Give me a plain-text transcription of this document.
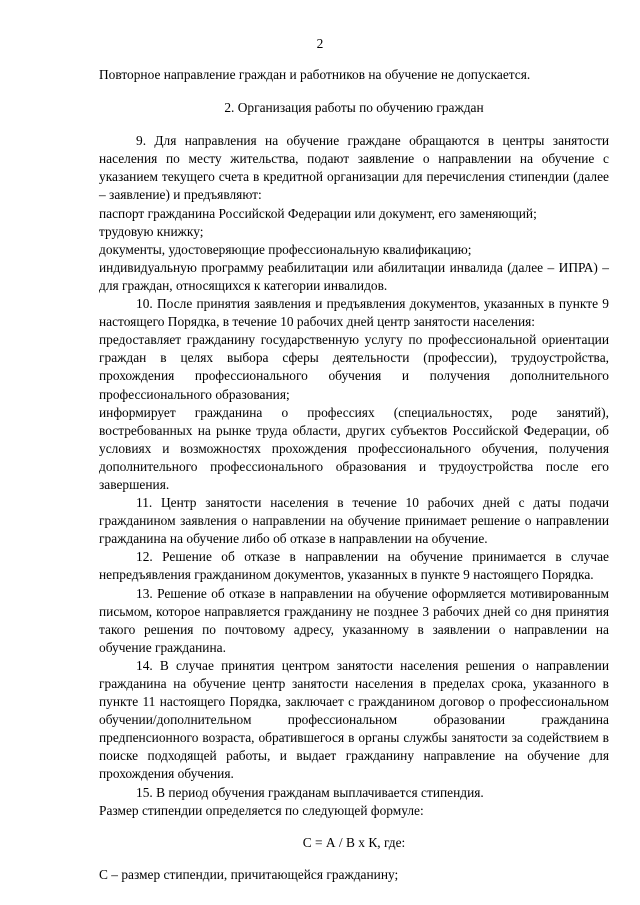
2

Повторное направление граждан и работников на обучение не допускается.

2. Организация работы по обучению граждан

9. Для направления на обучение граждане обращаются в центры занятости населения по месту жительства, подают заявление о направлении на обучение с указанием текущего счета в кредитной организации для перечисления стипендии (далее – заявление) и предъявляют:

паспорт гражданина Российской Федерации или документ, его заменяющий;

трудовую книжку;

документы, удостоверяющие профессиональную квалификацию;

индивидуальную программу реабилитации или абилитации инвалида (далее – ИПРА) – для граждан, относящихся к категории инвалидов.

10. После принятия заявления и предъявления документов, указанных в пункте 9 настоящего Порядка, в течение 10 рабочих дней центр занятости населения:

предоставляет гражданину государственную услугу по профессиональной ориентации граждан в целях выбора сферы деятельности (профессии), трудоустройства, прохождения профессионального обучения и получения дополнительного профессионального образования;

информирует гражданина о профессиях (специальностях, роде занятий), востребованных на рынке труда области, других субъектов Российской Федерации, об условиях и возможностях прохождения профессионального обучения, получения дополнительного профессионального образования и трудоустройства после его завершения.

11. Центр занятости населения в течение 10 рабочих дней с даты подачи гражданином заявления о направлении на обучение принимает решение о направлении гражданина на обучение либо об отказе в направлении на обучение.

12. Решение об отказе в направлении на обучение принимается в случае непредъявления гражданином документов, указанных в пункте 9 настоящего Порядка.

13. Решение об отказе в направлении на обучение оформляется мотивированным письмом, которое направляется гражданину не позднее 3 рабочих дней со дня принятия такого решения по почтовому адресу, указанному в заявлении о направлении на обучение гражданина.

14. В случае принятия центром занятости населения решения о направлении гражданина на обучение центр занятости населения в пределах срока, указанного в пункте 11 настоящего Порядка, заключает с гражданином договор о профессиональном обучении/дополнительном профессиональном образовании гражданина предпенсионного возраста, обратившегося в органы службы занятости за содействием в поиске подходящей работы, и выдает гражданину направление на обучение для прохождения обучения.

15. В период обучения гражданам выплачивается стипендия.

Размер стипендии определяется по следующей формуле:

С = А / В х К, где:

С – размер стипендии, причитающейся гражданину;
